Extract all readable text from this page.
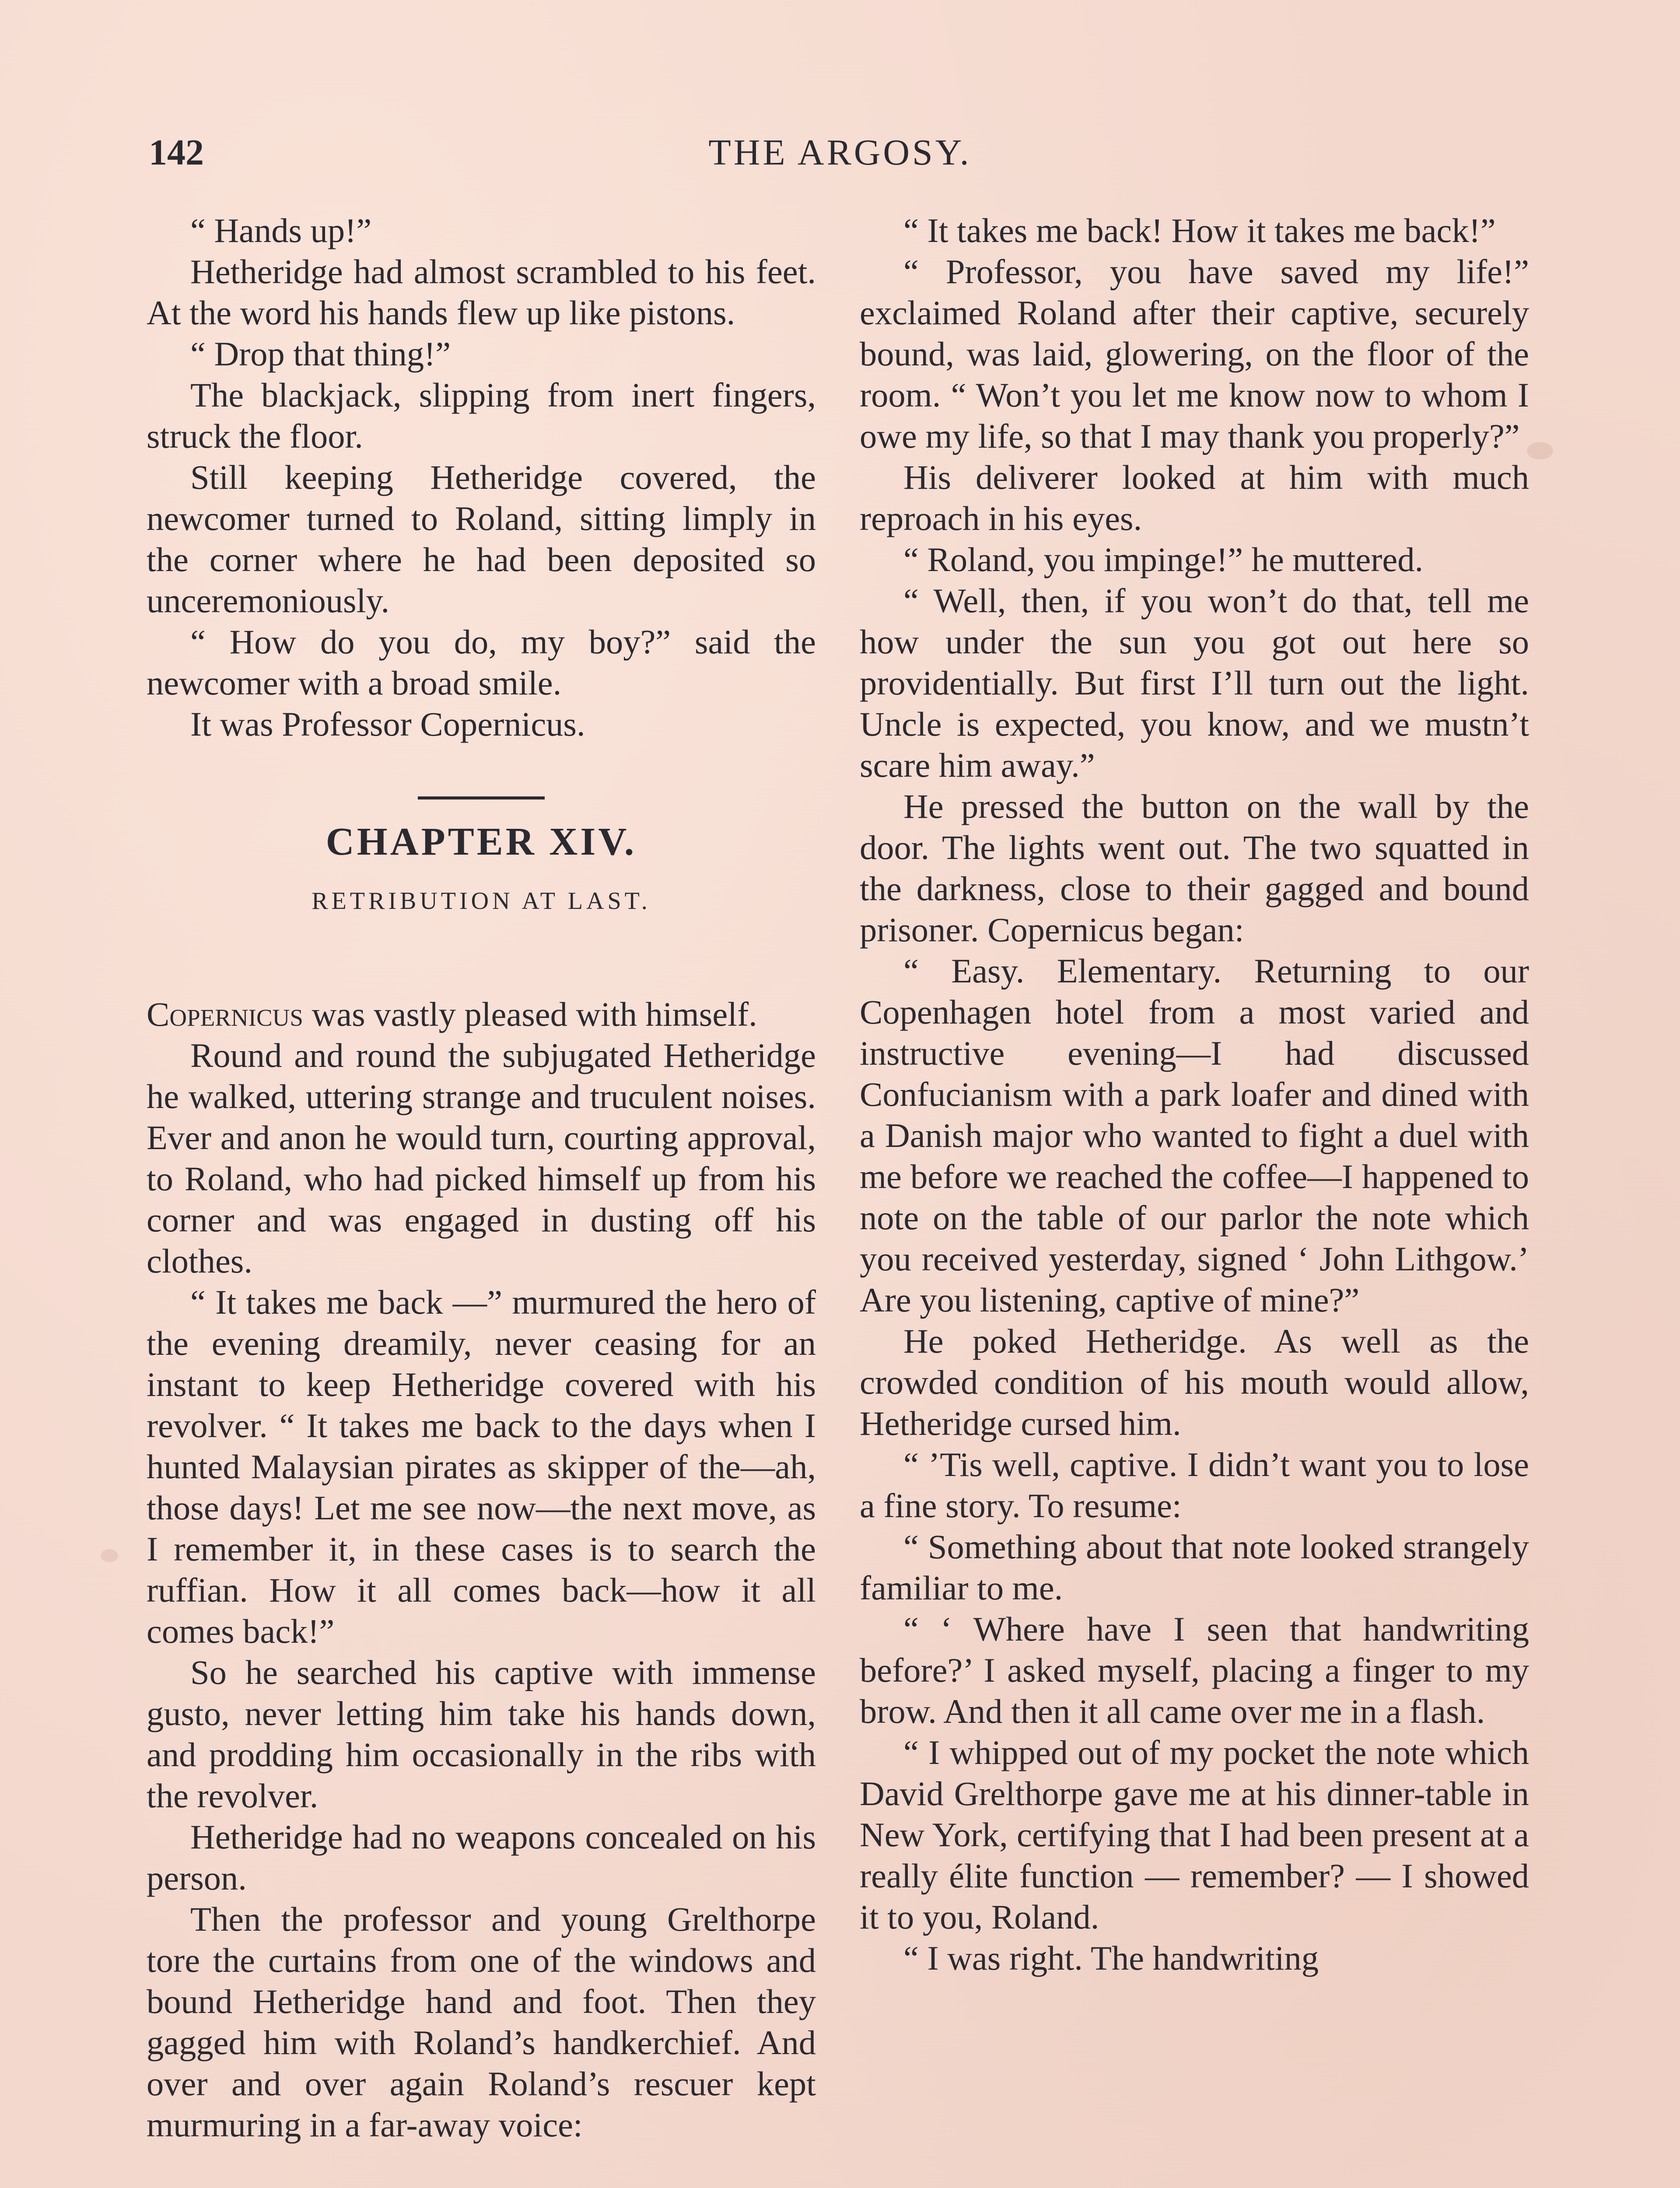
142	THE ARGOSY.

“ Hands up!”

Hetheridge had almost scrambled to his feet. At the word his hands flew up like pistons.

“ Drop that thing!”

The blackjack, slipping from inert fingers, struck the floor.

Still keeping Hetheridge covered, the newcomer turned to Roland, sitting limply in the corner where he had been deposited so unceremoniously.

“ How do you do, my boy?” said the newcomer with a broad smile.

It was Professor Copernicus.

CHAPTER XIV.
RETRIBUTION AT LAST.

Copernicus was vastly pleased with himself.

Round and round the subjugated Hetheridge he walked, uttering strange and truculent noises. Ever and anon he would turn, courting approval, to Roland, who had picked himself up from his corner and was engaged in dusting off his clothes.

“ It takes me back —” murmured the hero of the evening dreamily, never ceasing for an instant to keep Hetheridge covered with his revolver. “ It takes me back to the days when I hunted Malaysian pirates as skipper of the—ah, those days! Let me see now—the next move, as I remember it, in these cases is to search the ruffian. How it all comes back—how it all comes back!”

So he searched his captive with immense gusto, never letting him take his hands down, and prodding him occasionally in the ribs with the revolver.

Hetheridge had no weapons concealed on his person.

Then the professor and young Grelthorpe tore the curtains from one of the windows and bound Hetheridge hand and foot. Then they gagged him with Roland’s handkerchief. And over and over again Roland’s rescuer kept murmuring in a far-away voice:

“ It takes me back! How it takes me back!”

“ Professor, you have saved my life!” exclaimed Roland after their captive, securely bound, was laid, glowering, on the floor of the room. “ Won’t you let me know now to whom I owe my life, so that I may thank you properly?”

His deliverer looked at him with much reproach in his eyes.

“ Roland, you impinge!” he muttered.

“ Well, then, if you won’t do that, tell me how under the sun you got out here so providentially. But first I’ll turn out the light. Uncle is expected, you know, and we mustn’t scare him away.”

He pressed the button on the wall by the door. The lights went out. The two squatted in the darkness, close to their gagged and bound prisoner. Copernicus began:

“ Easy. Elementary. Returning to our Copenhagen hotel from a most varied and instructive evening—I had discussed Confucianism with a park loafer and dined with a Danish major who wanted to fight a duel with me before we reached the coffee—I happened to note on the table of our parlor the note which you received yesterday, signed ‘ John Lithgow.’ Are you listening, captive of mine?”

He poked Hetheridge. As well as the crowded condition of his mouth would allow, Hetheridge cursed him.

“ ’Tis well, captive. I didn’t want you to lose a fine story. To resume:

“ Something about that note looked strangely familiar to me.

“ ‘ Where have I seen that handwriting before?’ I asked myself, placing a finger to my brow. And then it all came over me in a flash.

“ I whipped out of my pocket the note which David Grelthorpe gave me at his dinner-table in New York, certifying that I had been present at a really élite function — remember? — I showed it to you, Roland.

“ I was right. The handwriting
